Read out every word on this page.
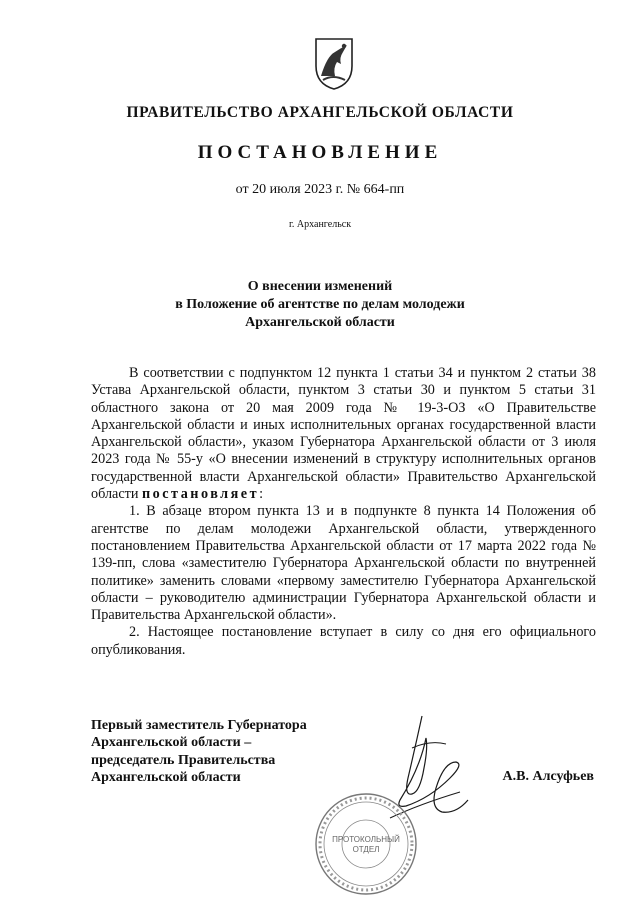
ПРАВИТЕЛЬСТВО АРХАНГЕЛЬСКОЙ ОБЛАСТИ
ПОСТАНОВЛЕНИЕ
от 20 июля 2023 г. № 664-пп
г. Архангельск
О внесении изменений
в Положение об агентстве по делам молодежи
Архангельской области

В соответствии с подпунктом 12 пункта 1 статьи 34 и пунктом 2 статьи 38 Устава Архангельской области, пунктом 3 статьи 30 и пунктом 5 статьи 31 областного закона от 20 мая 2009 года № 19-3-ОЗ «О Правительстве Архангельской области и иных исполнительных органах государственной власти Архангельской области», указом Губернатора Архангельской области от 3 июля 2023 года № 55-у «О внесении изменений в структуру исполнительных органов государственной власти Архангельской области» Правительство Архангельской области постановляет:

1. В абзаце втором пункта 13 и в подпункте 8 пункта 14 Положения об агентстве по делам молодежи Архангельской области, утвержденного постановлением Правительства Архангельской области от 17 марта 2022 года № 139-пп, слова «заместителю Губернатора Архангельской области по внутренней политике» заменить словами «первому заместителю Губернатора Архангельской области – руководителю администрации Губернатора Архангельской области и Правительства Архангельской области».

2. Настоящее постановление вступает в силу со дня его официального опубликования.

Первый заместитель Губернатора
Архангельской области –
председатель Правительства
Архангельской области	А.В. Алсуфьев
ПРОТОКОЛЬНЫЙ
ОТДЕЛ
